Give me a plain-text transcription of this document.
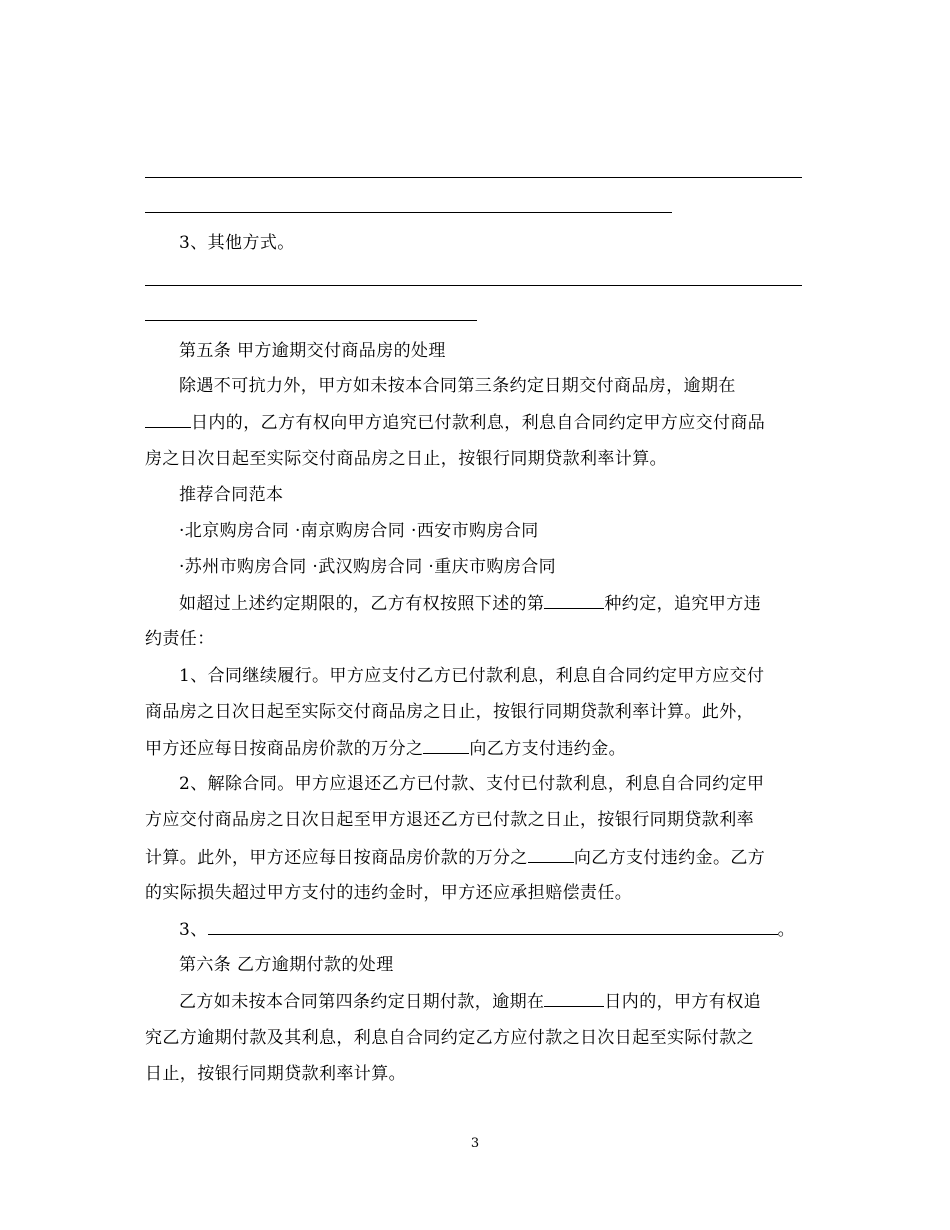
3、其他方式。
第五条 甲方逾期交付商品房的处理
除遇不可抗力外，甲方如未按本合同第三条约定日期交付商品房，逾期在
日内的，乙方有权向甲方追究已付款利息，利息自合同约定甲方应交付商品
房之日次日起至实际交付商品房之日止，按银行同期贷款利率计算。
推荐合同范本
·北京购房合同 ·南京购房合同 ·西安市购房合同
·苏州市购房合同 ·武汉购房合同 ·重庆市购房合同
如超过上述约定期限的，乙方有权按照下述的第	种约定，追究甲方违
约责任：
1、合同继续履行。甲方应支付乙方已付款利息，利息自合同约定甲方应交付
商品房之日次日起至实际交付商品房之日止，按银行同期贷款利率计算。此外，
甲方还应每日按商品房价款的万分之	向乙方支付违约金。
2、解除合同。甲方应退还乙方已付款、支付已付款利息，利息自合同约定甲
方应交付商品房之日次日起至甲方退还乙方已付款之日止，按银行同期贷款利率
计算。此外，甲方还应每日按商品房价款的万分之	向乙方支付违约金。乙方
的实际损失超过甲方支付的违约金时，甲方还应承担赔偿责任。
3、	。
第六条 乙方逾期付款的处理
乙方如未按本合同第四条约定日期付款，逾期在	日内的，甲方有权追
究乙方逾期付款及其利息，利息自合同约定乙方应付款之日次日起至实际付款之
日止，按银行同期贷款利率计算。
3
